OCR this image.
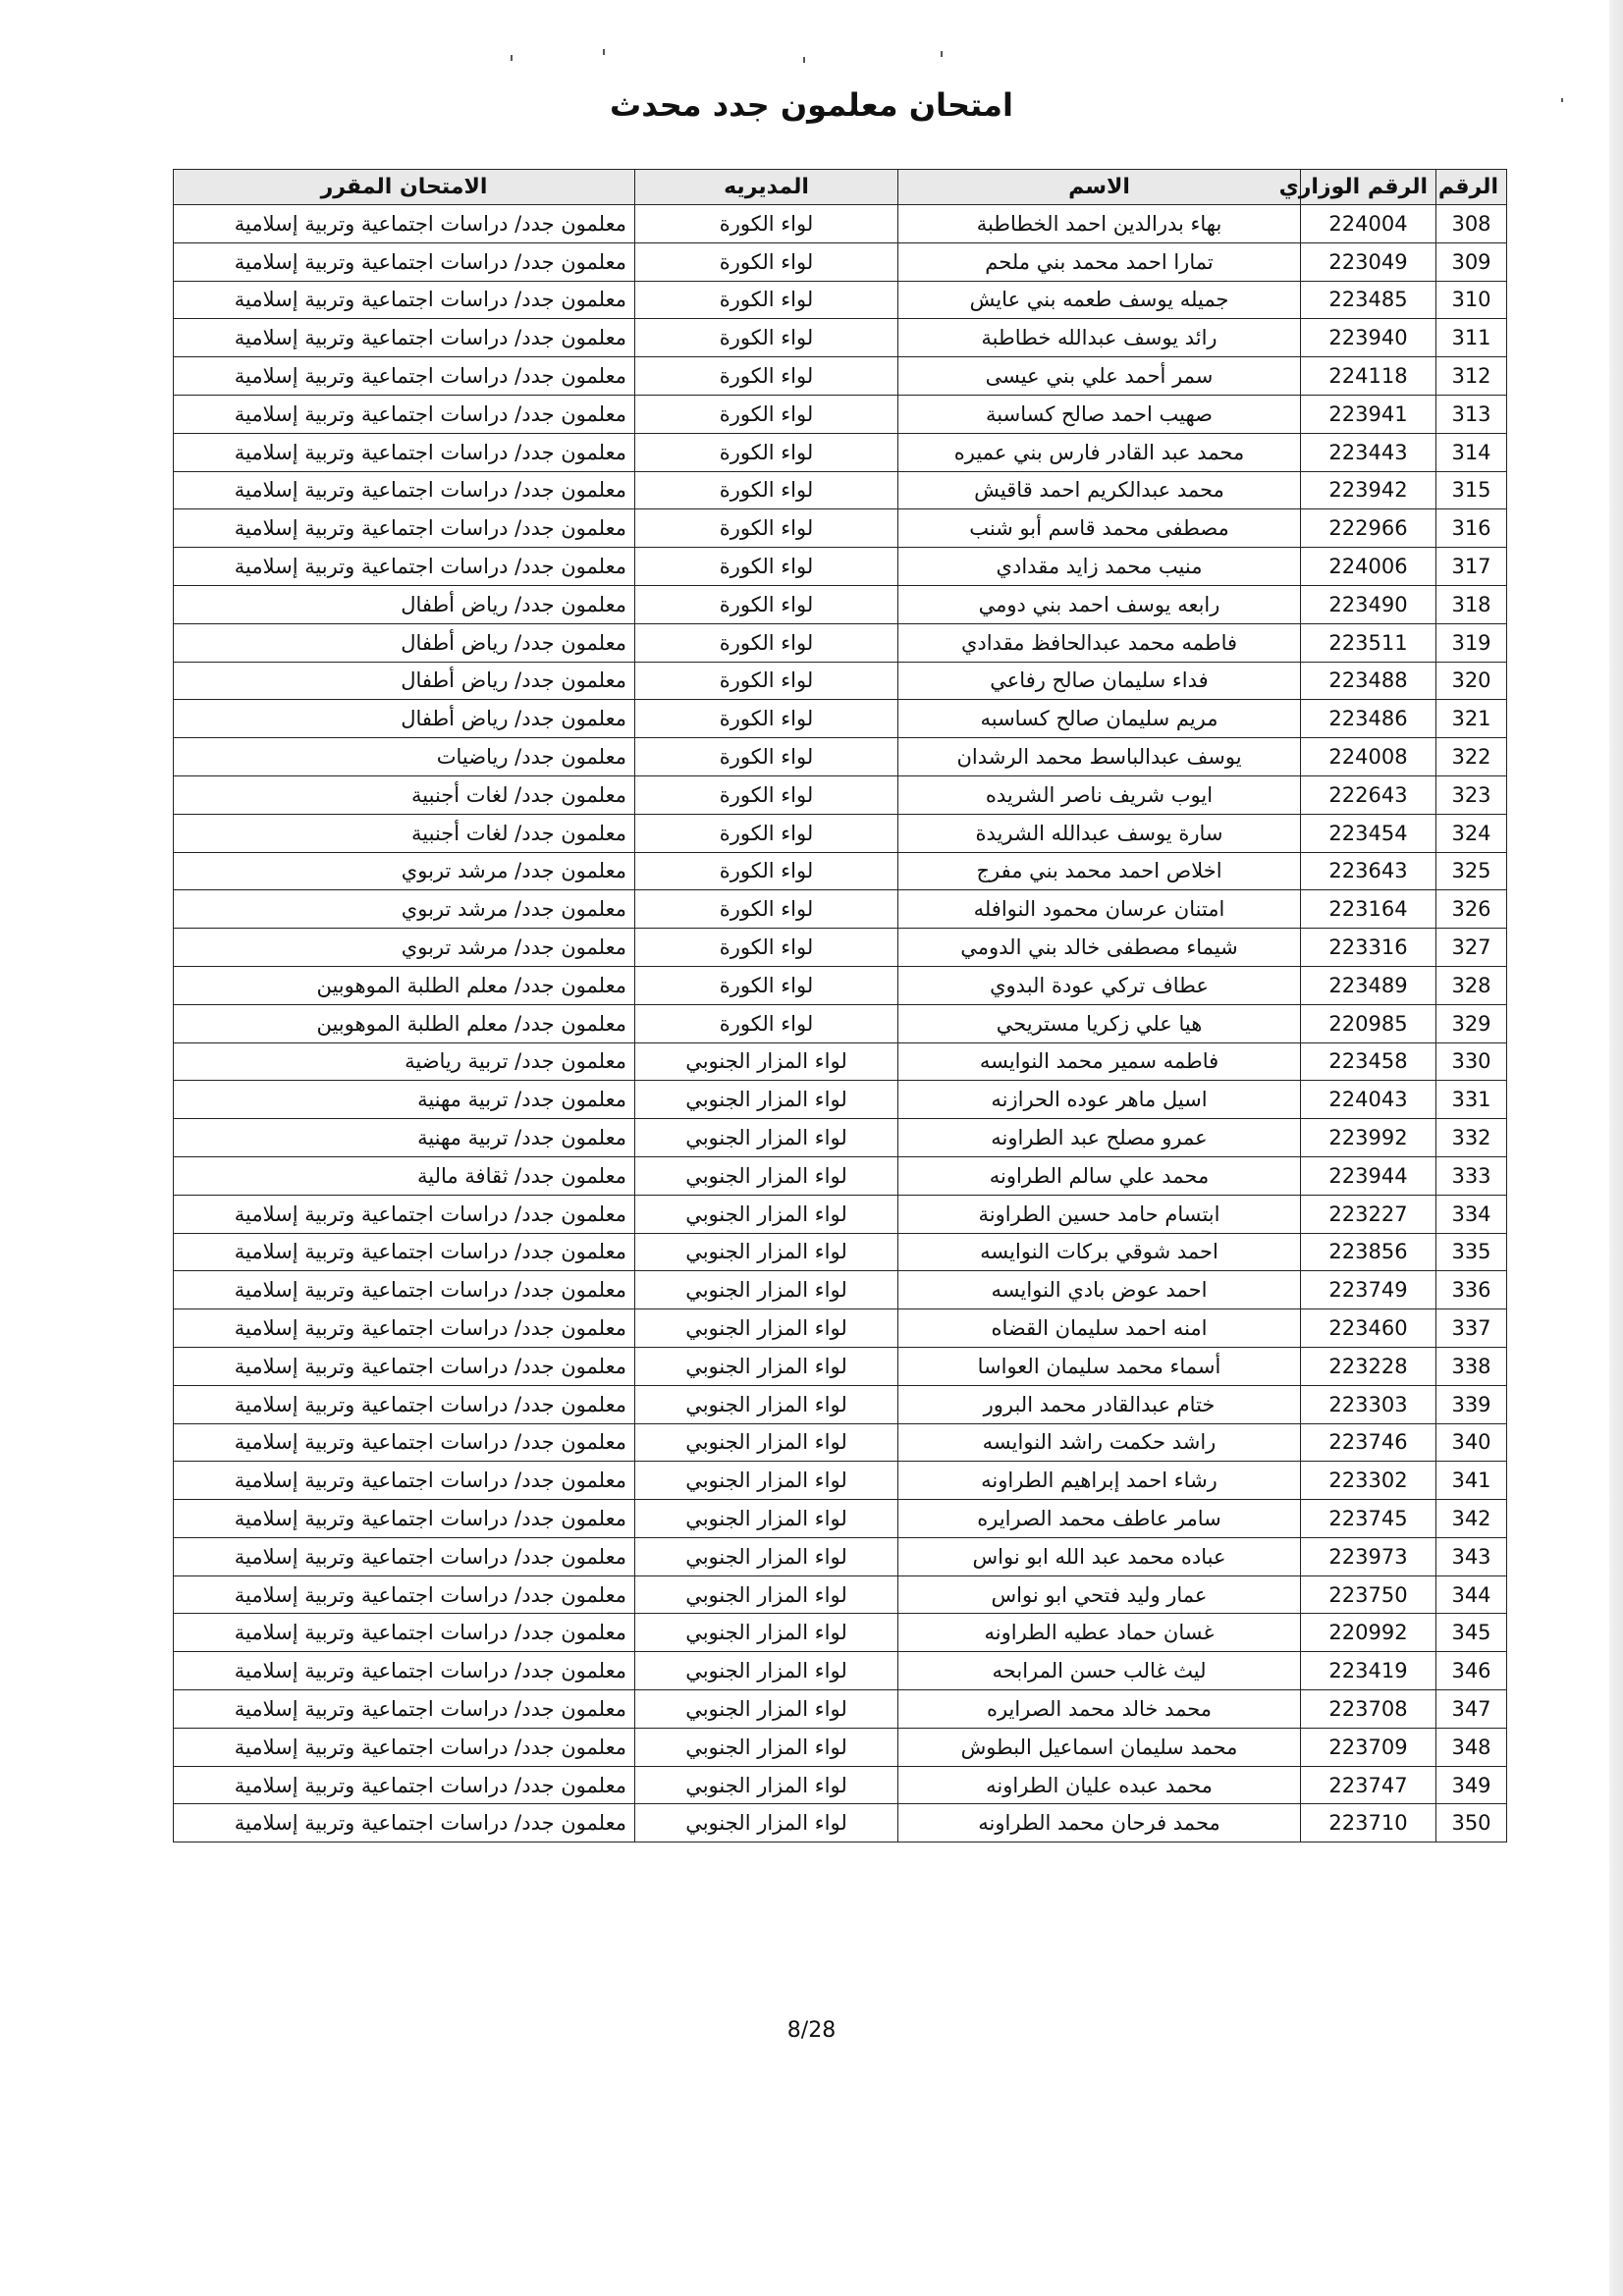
امتحان معلمون جدد محدث
الرقم	الرقم الوزاري	الاسم	المديريه	الامتحان المقرر
308	224004	بهاء بدرالدين احمد الخطاطبة	لواء الكورة	معلمون جدد/ دراسات اجتماعية وتربية إسلامية
309	223049	تمارا احمد محمد بني ملحم	لواء الكورة	معلمون جدد/ دراسات اجتماعية وتربية إسلامية
310	223485	جميله يوسف طعمه بني عايش	لواء الكورة	معلمون جدد/ دراسات اجتماعية وتربية إسلامية
311	223940	رائد يوسف عبدالله خطاطبة	لواء الكورة	معلمون جدد/ دراسات اجتماعية وتربية إسلامية
312	224118	سمر أحمد علي بني عيسى	لواء الكورة	معلمون جدد/ دراسات اجتماعية وتربية إسلامية
313	223941	صهيب احمد صالح كساسبة	لواء الكورة	معلمون جدد/ دراسات اجتماعية وتربية إسلامية
314	223443	محمد عبد القادر فارس بني عميره	لواء الكورة	معلمون جدد/ دراسات اجتماعية وتربية إسلامية
315	223942	محمد عبدالكريم احمد قاقيش	لواء الكورة	معلمون جدد/ دراسات اجتماعية وتربية إسلامية
316	222966	مصطفى محمد قاسم أبو شنب	لواء الكورة	معلمون جدد/ دراسات اجتماعية وتربية إسلامية
317	224006	منيب محمد زايد مقدادي	لواء الكورة	معلمون جدد/ دراسات اجتماعية وتربية إسلامية
318	223490	رابعه يوسف احمد بني دومي	لواء الكورة	معلمون جدد/ رياض أطفال
319	223511	فاطمه محمد عبدالحافظ مقدادي	لواء الكورة	معلمون جدد/ رياض أطفال
320	223488	فداء سليمان صالح رفاعي	لواء الكورة	معلمون جدد/ رياض أطفال
321	223486	مريم سليمان صالح كساسبه	لواء الكورة	معلمون جدد/ رياض أطفال
322	224008	يوسف عبدالباسط محمد الرشدان	لواء الكورة	معلمون جدد/ رياضيات
323	222643	ايوب شريف ناصر الشريده	لواء الكورة	معلمون جدد/ لغات أجنبية
324	223454	سارة يوسف عبدالله الشريدة	لواء الكورة	معلمون جدد/ لغات أجنبية
325	223643	اخلاص احمد محمد بني مفرج	لواء الكورة	معلمون جدد/ مرشد تربوي
326	223164	امتنان عرسان محمود النوافله	لواء الكورة	معلمون جدد/ مرشد تربوي
327	223316	شيماء مصطفى خالد بني الدومي	لواء الكورة	معلمون جدد/ مرشد تربوي
328	223489	عطاف تركي عودة البدوي	لواء الكورة	معلمون جدد/ معلم الطلبة الموهوبين
329	220985	هيا علي زكريا مستريحي	لواء الكورة	معلمون جدد/ معلم الطلبة الموهوبين
330	223458	فاطمه سمير محمد النوايسه	لواء المزار الجنوبي	معلمون جدد/ تربية رياضية
331	224043	اسيل ماهر عوده الحرازنه	لواء المزار الجنوبي	معلمون جدد/ تربية مهنية
332	223992	عمرو مصلح عبد الطراونه	لواء المزار الجنوبي	معلمون جدد/ تربية مهنية
333	223944	محمد علي سالم الطراونه	لواء المزار الجنوبي	معلمون جدد/ ثقافة مالية
334	223227	ابتسام حامد حسين الطراونة	لواء المزار الجنوبي	معلمون جدد/ دراسات اجتماعية وتربية إسلامية
335	223856	احمد شوقي بركات النوايسه	لواء المزار الجنوبي	معلمون جدد/ دراسات اجتماعية وتربية إسلامية
336	223749	احمد عوض بادي النوايسه	لواء المزار الجنوبي	معلمون جدد/ دراسات اجتماعية وتربية إسلامية
337	223460	امنه احمد سليمان القضاه	لواء المزار الجنوبي	معلمون جدد/ دراسات اجتماعية وتربية إسلامية
338	223228	أسماء محمد سليمان العواسا	لواء المزار الجنوبي	معلمون جدد/ دراسات اجتماعية وتربية إسلامية
339	223303	ختام عبدالقادر محمد البرور	لواء المزار الجنوبي	معلمون جدد/ دراسات اجتماعية وتربية إسلامية
340	223746	راشد حكمت راشد النوايسه	لواء المزار الجنوبي	معلمون جدد/ دراسات اجتماعية وتربية إسلامية
341	223302	رشاء احمد إبراهيم الطراونه	لواء المزار الجنوبي	معلمون جدد/ دراسات اجتماعية وتربية إسلامية
342	223745	سامر عاطف محمد الصرايره	لواء المزار الجنوبي	معلمون جدد/ دراسات اجتماعية وتربية إسلامية
343	223973	عباده محمد عبد الله ابو نواس	لواء المزار الجنوبي	معلمون جدد/ دراسات اجتماعية وتربية إسلامية
344	223750	عمار وليد فتحي ابو نواس	لواء المزار الجنوبي	معلمون جدد/ دراسات اجتماعية وتربية إسلامية
345	220992	غسان حماد عطيه الطراونه	لواء المزار الجنوبي	معلمون جدد/ دراسات اجتماعية وتربية إسلامية
346	223419	ليث غالب حسن المرابحه	لواء المزار الجنوبي	معلمون جدد/ دراسات اجتماعية وتربية إسلامية
347	223708	محمد خالد محمد الصرايره	لواء المزار الجنوبي	معلمون جدد/ دراسات اجتماعية وتربية إسلامية
348	223709	محمد سليمان اسماعيل البطوش	لواء المزار الجنوبي	معلمون جدد/ دراسات اجتماعية وتربية إسلامية
349	223747	محمد عبده عليان الطراونه	لواء المزار الجنوبي	معلمون جدد/ دراسات اجتماعية وتربية إسلامية
350	223710	محمد فرحان محمد الطراونه	لواء المزار الجنوبي	معلمون جدد/ دراسات اجتماعية وتربية إسلامية
8/28
